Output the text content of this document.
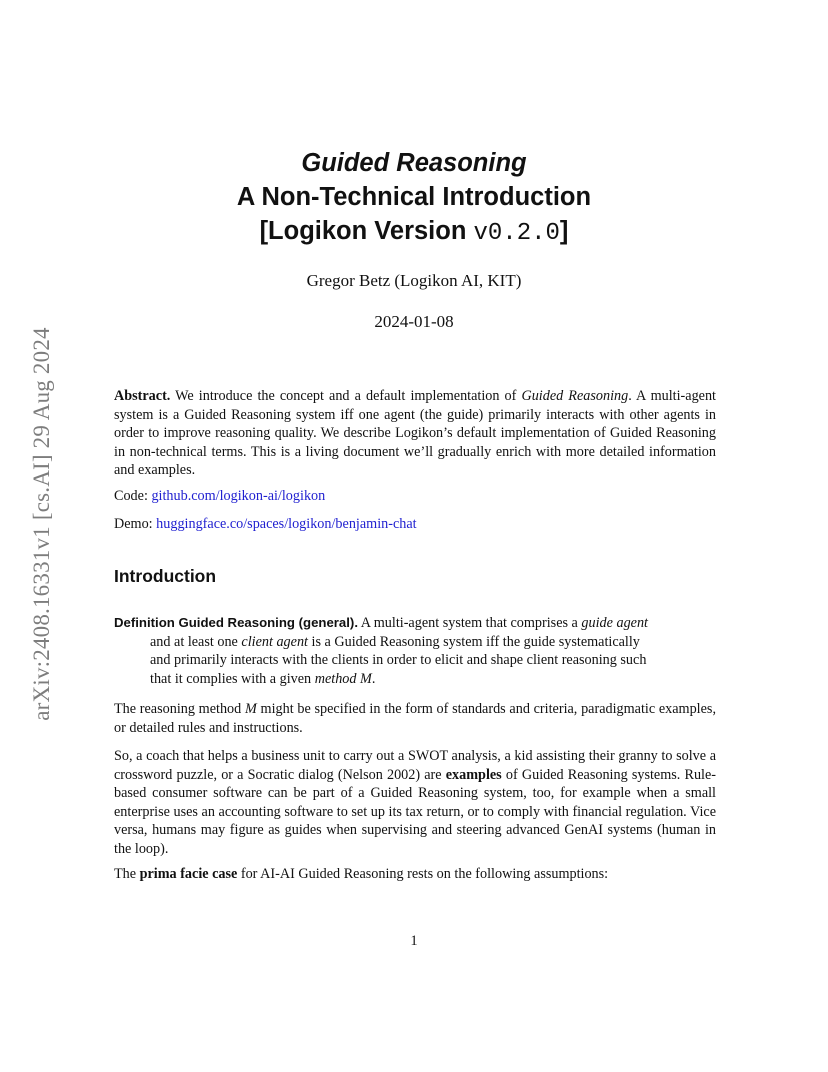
arXiv:2408.16331v1 [cs.AI] 29 Aug 2024
Guided Reasoning
A Non-Technical Introduction
[Logikon Version v0.2.0]
Gregor Betz (Logikon AI, KIT)
2024-01-08
Abstract. We introduce the concept and a default implementation of Guided Reasoning. A multi-agent system is a Guided Reasoning system iff one agent (the guide) primarily interacts with other agents in order to improve reasoning quality. We describe Logikon’s default implementation of Guided Reasoning in non-technical terms. This is a living document we’ll gradually enrich with more detailed information and examples.
Code: github.com/logikon-ai/logikon
Demo: huggingface.co/spaces/logikon/benjamin-chat
Introduction
Definition Guided Reasoning (general). A multi-agent system that comprises a guide agent
and at least one client agent is a Guided Reasoning system iff the guide systematically
and primarily interacts with the clients in order to elicit and shape client reasoning such
that it complies with a given method M.
The reasoning method M might be specified in the form of standards and criteria, paradigmatic examples, or detailed rules and instructions.
So, a coach that helps a business unit to carry out a SWOT analysis, a kid assisting their granny to solve a crossword puzzle, or a Socratic dialog (Nelson 2002) are examples of Guided Reasoning systems. Rule-based consumer software can be part of a Guided Reasoning system, too, for example when a small enterprise uses an accounting software to set up its tax return, or to comply with financial regulation. Vice versa, humans may figure as guides when supervising and steering advanced GenAI systems (human in the loop).
The prima facie case for AI-AI Guided Reasoning rests on the following assumptions:
1
